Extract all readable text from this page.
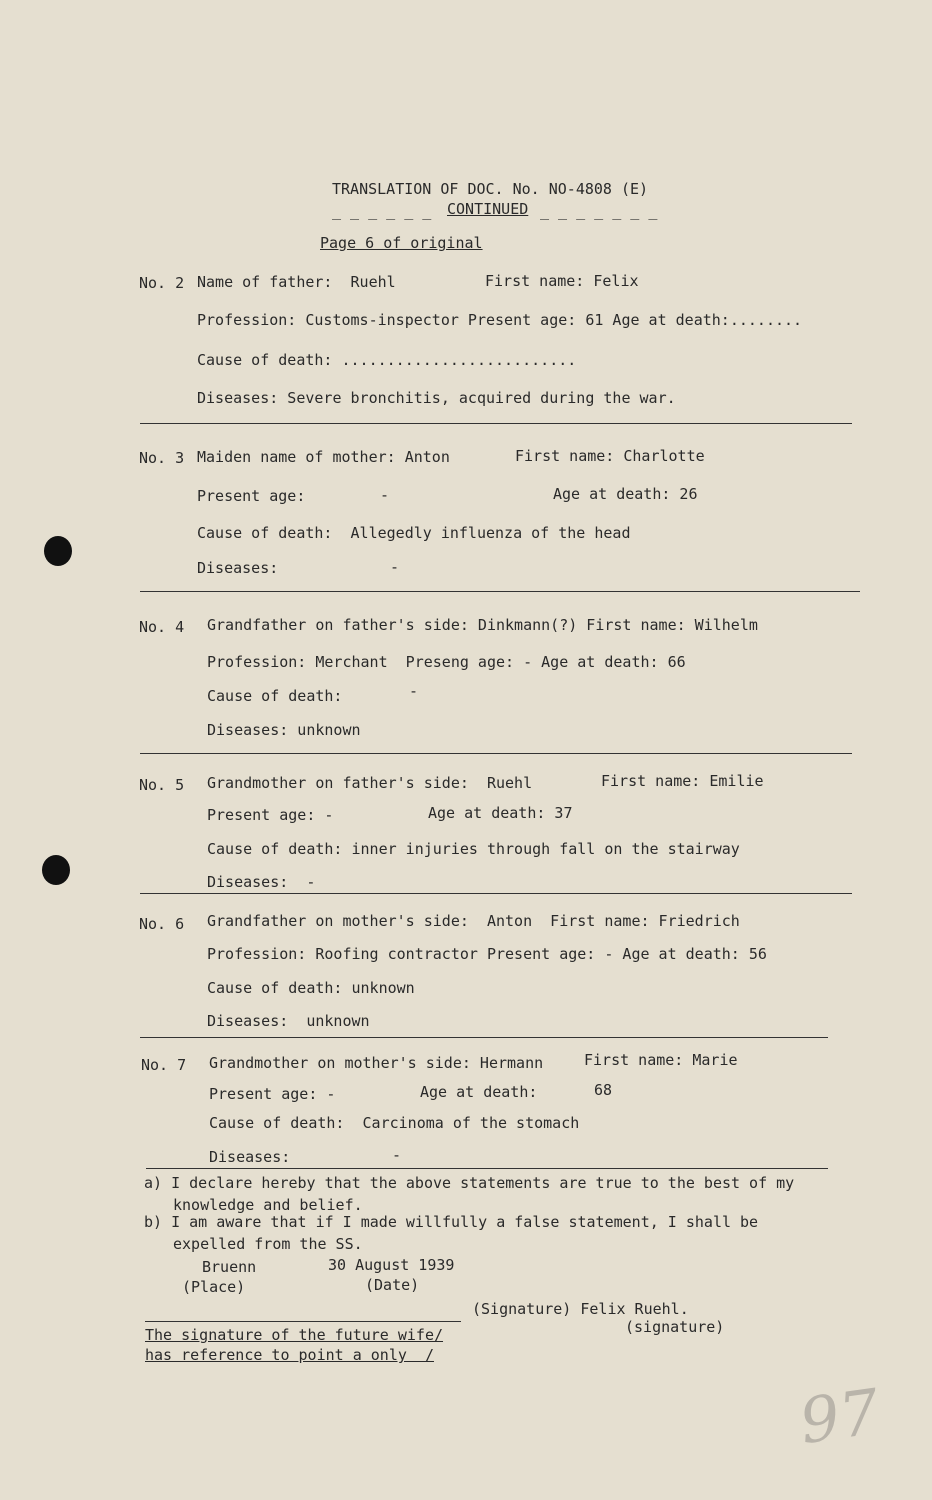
TRANSLATION OF DOC. No. NO-4808 (E)
_ _ _ _ _ _ CONTINUED _ _ _ _ _ _ _
Page 6 of original
No. 2 Name of father:  Ruehl	First name: Felix
Profession: Customs-inspector Present age: 61 Age at death:........
Cause of death: ..........................
Diseases: Severe bronchitis, acquired during the war.
No. 3 Maiden name of mother: Anton	First name: Charlotte
Present age:	-	Age at death: 26
Cause of death:  Allegedly influenza of the head
Diseases:	-
No. 4 Grandfather on father's side: Dinkmann(?) First name: Wilhelm
Profession: Merchant  Preseng age: - Age at death: 66
Cause of death:	-
Diseases: unknown
No. 5 Grandmother on father's side:  Ruehl	First name: Emilie
Present age: -	Age at death: 37
Cause of death: inner injuries through fall on the stairway
Diseases:  -
No. 6 Grandfather on mother's side:  Anton  First name: Friedrich
Profession: Roofing contractor Present age: - Age at death: 56
Cause of death: unknown
Diseases:  unknown
No. 7 Grandmother on mother's side: Hermann	First name: Marie
Present age: -	Age at death:	68
Cause of death:  Carcinoma of the stomach
Diseases:	-
a) I declare hereby that the above statements are true to the best of my
knowledge and belief.
b) I am aware that if I made willfully a false statement, I shall be
expelled from the SS.
Bruenn
(Place)
30 August 1939
(Date)
(Signature) Felix Ruehl.
(signature)
The signature of the future wife/
has reference to point a only  /
97
